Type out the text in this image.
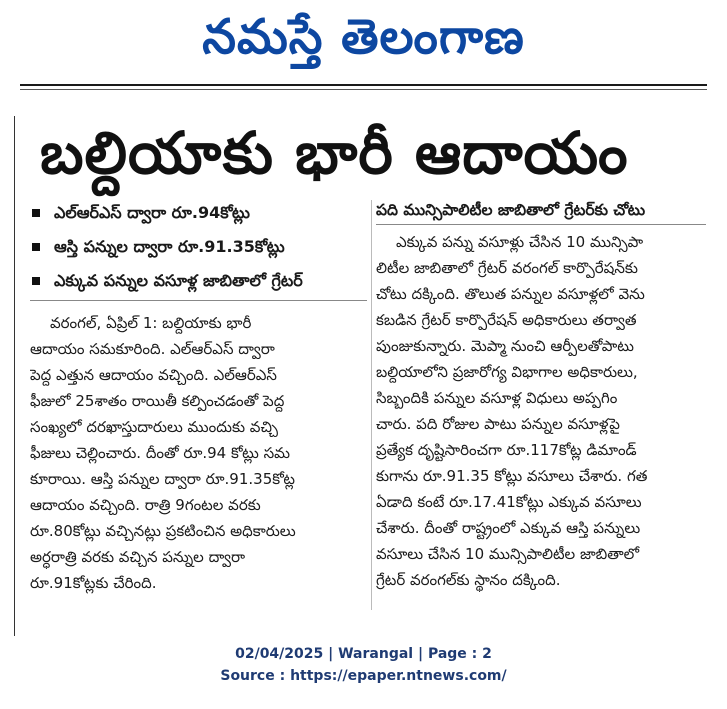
నమస్తే తెలంగాణ
బల్దియాకు భారీ ఆదాయం
ఎల్ఆర్ఎస్ ద్వారా రూ.94కోట్లు
ఆస్తి పన్నుల ద్వారా రూ.91.35కోట్లు
ఎక్కువ పన్నుల వసూళ్ల జాబితాలో గ్రేటర్
వరంగల్, ఏప్రిల్ 1: బల్దియాకు భారీ
ఆదాయం సమకూరింది. ఎల్ఆర్ఎస్ ద్వారా
పెద్ద ఎత్తున ఆదాయం వచ్చింది. ఎల్ఆర్ఎస్
ఫీజులో 25శాతం రాయితీ కల్పించడంతో పెద్ద
సంఖ్యలో దరఖాస్తుదారులు ముందుకు వచ్చి
ఫీజులు చెల్లించారు. దీంతో రూ.94 కోట్లు సమ
కూరాయి. ఆస్తి పన్నుల ద్వారా రూ.91.35కోట్ల
ఆదాయం వచ్చింది. రాత్రి 9గంటల వరకు
రూ.80కోట్లు వచ్చినట్లు ప్రకటించిన అధికారులు
అర్ధరాత్రి వరకు వచ్చిన పన్నుల ద్వారా
రూ.91కోట్లకు చేరింది.
పది మున్సిపాలిటీల జాబితాలో గ్రేటర్‌కు చోటు
ఎక్కువ పన్ను వసూళ్లు చేసిన 10 మున్సిపా
లిటీల జాబితాలో గ్రేటర్ వరంగల్ కార్పొరేషన్‌కు
చోటు దక్కింది. తొలుత పన్నుల వసూళ్లలో వెను
కబడిన గ్రేటర్ కార్పొరేషన్ అధికారులు తర్వాత
పుంజుకున్నారు. మెప్మా నుంచి ఆర్పీలతోపాటు
బల్దియాలోని ప్రజారోగ్య విభాగాల అధికారులు,
సిబ్బందికి పన్నుల వసూళ్ల విధులు అప్పగిం
చారు. పది రోజుల పాటు పన్నుల వసూళ్లపై
ప్రత్యేక దృష్టిసారించగా రూ.117కోట్ల డిమాండ్
కుగాను రూ.91.35 కోట్లు వసూలు చేశారు. గత
ఏడాది కంటే రూ.17.41కోట్లు ఎక్కువ వసూలు
చేశారు. దీంతో రాష్ట్రంలో ఎక్కువ ఆస్తి పన్నులు
వసూలు చేసిన 10 మున్సిపాలిటీల జాబితాలో
గ్రేటర్ వరంగల్‌కు స్థానం దక్కింది.
02/04/2025 | Warangal | Page : 2
Source : https://epaper.ntnews.com/
